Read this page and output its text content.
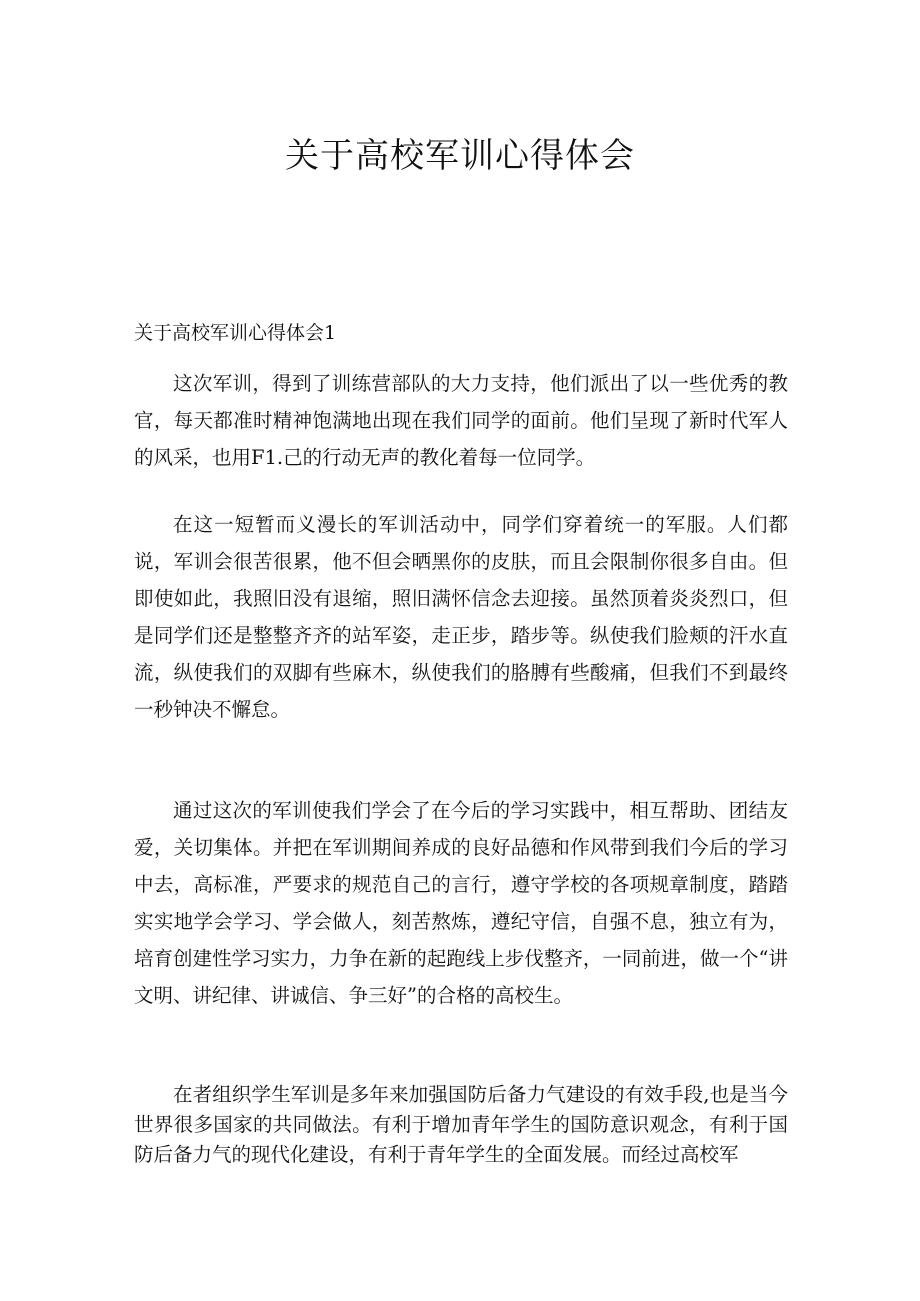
关于高校军训心得体会
关于高校军训心得体会1

这次军训，得到了训练营部队的大力支持，他们派出了以一些优秀的教官，每天都准时精神饱满地出现在我们同学的面前。他们呈现了新时代军人的风采，也用F1.己的行动无声的教化着每一位同学。

在这一短暂而义漫长的军训活动中，同学们穿着统一的军服。人们都说，军训会很苦很累，他不但会晒黑你的皮肤，而且会限制你很多自由。但即使如此，我照旧没有退缩，照旧满怀信念去迎接。虽然顶着炎炎烈口，但是同学们还是整整齐齐的站军姿，走正步，踏步等。纵使我们脸颊的汗水直流，纵使我们的双脚有些麻木，纵使我们的胳膊有些酸痛，但我们不到最终一秒钟决不懈怠。

通过这次的军训使我们学会了在今后的学习实践中，相互帮助、团结友爱，关切集体。并把在军训期间养成的良好品德和作风带到我们今后的学习中去，高标准，严要求的规范自己的言行，遵守学校的各项规章制度，踏踏实实地学会学习、学会做人，刻苦熬炼，遵纪守信，自强不息，独立有为，培育创建性学习实力，力争在新的起跑线上步伐整齐，一同前进，做一个“讲文明、讲纪律、讲诚信、争三好”的合格的高校生。

在者组织学生军训是多年来加强国防后备力气建设的有效手段,也是当今世界很多国家的共同做法。有利于增加青年学生的国防意识观念，有利于国防后备力气的现代化建设，有利于青年学生的全面发展。而经过高校军
